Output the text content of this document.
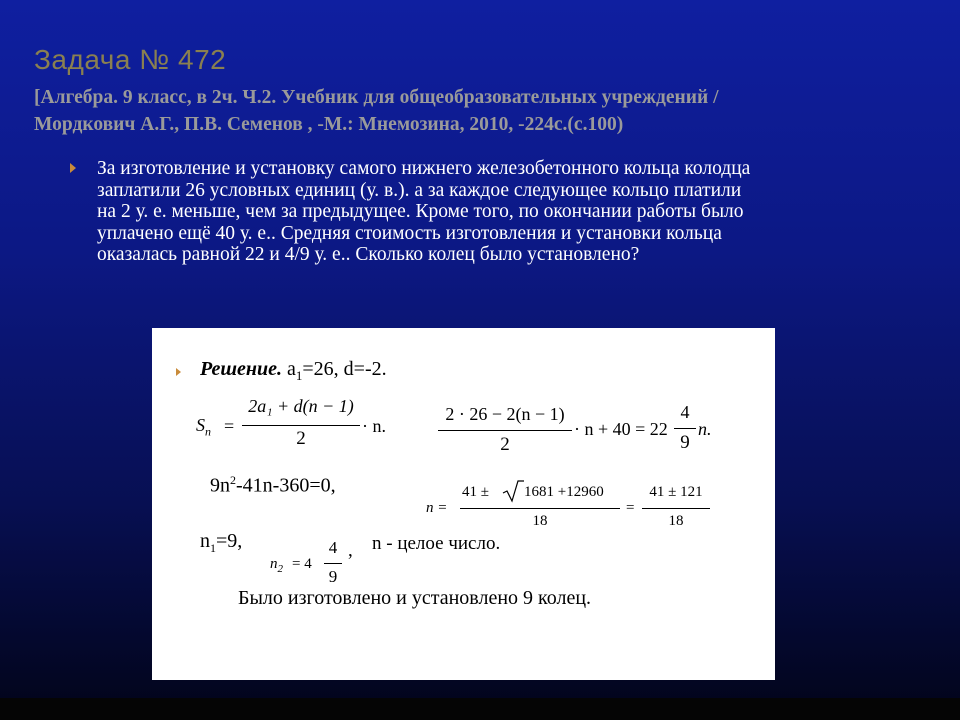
Задача № 472
[Алгебра. 9 класс, в 2ч. Ч.2. Учебник для общеобразовательных учреждений /
Мордкович А.Г., П.В. Семенов , -М.: Мнемозина, 2010, -224с.(с.100)
За изготовление и установку самого нижнего железобетонного кольца колодца
заплатили 26 условных единиц (у. в.). а за каждое следующее кольцо платили
на 2 у. е. меньше, чем за предыдущее. Кроме того, по окончании работы было
уплачено ещё 40 у. е.. Средняя стоимость изготовления и установки кольца
оказалась равной 22 и 4/9 у. е.. Сколько колец было установлено?
Решение. $a_1=26$, d=-2.
$S_n$ =
2a₁ + d(n − 1)
2
· n.
2 · 26 − 2(n − 1)
2
· n + 40 = 22
4
9
n.
$9n^2-41n-360=0$,
n =
41 ± 1681 +12960
18
=
41 ± 121
18
$n_1=9$,
$n_2 = 4$
4
9
, n - целое число.
Было изготовлено и установлено 9 колец.
